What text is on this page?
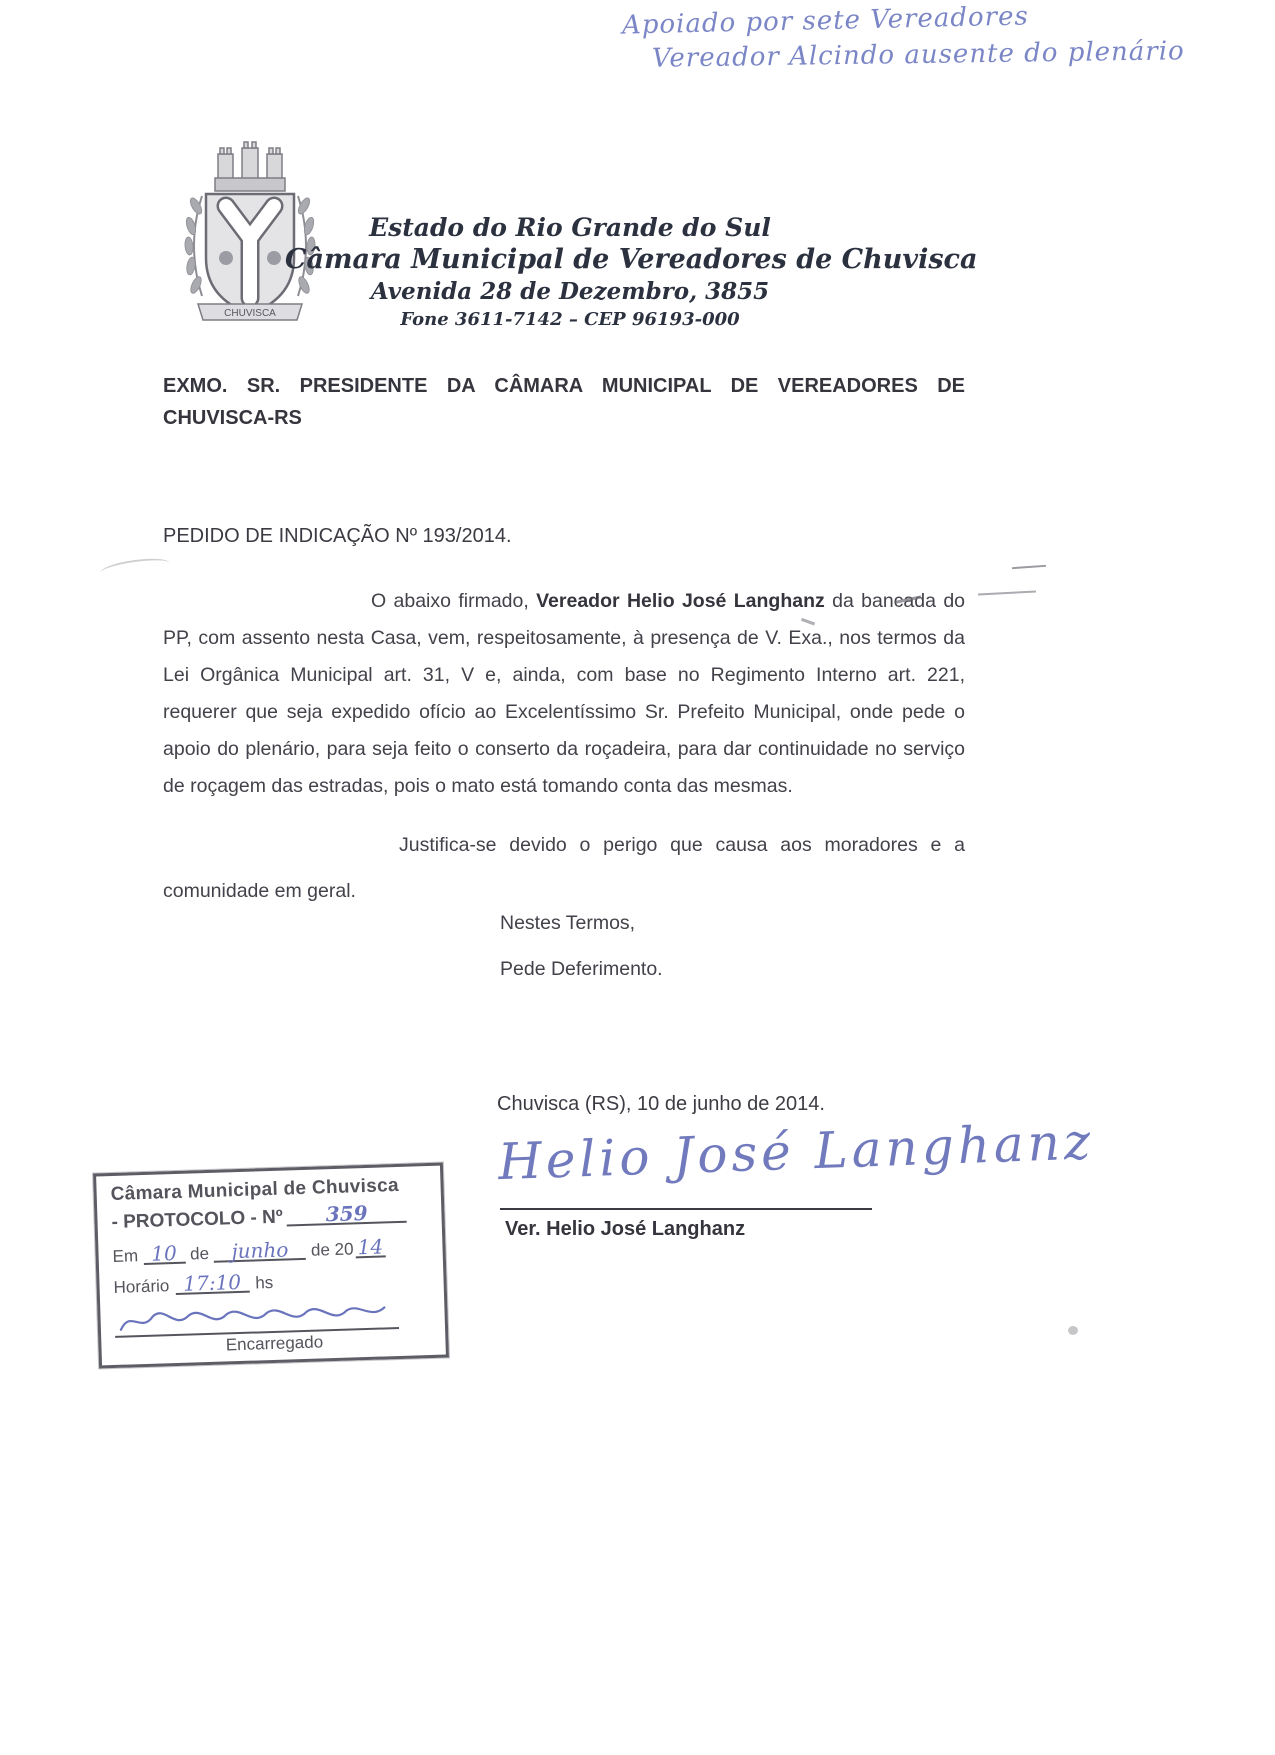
Apoiado por sete Vereadores
Vereador Alcindo ausente do plenário
CHUVISCA
Estado do Rio Grande do Sul
Câmara Municipal de Vereadores de Chuvisca
Avenida 28 de Dezembro, 3855
Fone 3611-7142 – CEP 96193-000
EXMO. SR. PRESIDENTE DA CÂMARA MUNICIPAL DE VEREADORES DE CHUVISCA-RS
PEDIDO DE INDICAÇÃO Nº 193/2014.
O abaixo firmado, Vereador Helio José Langhanz da bancada do PP, com assento nesta Casa, vem, respeitosamente, à presença de V. Exa., nos termos da Lei Orgânica Municipal art. 31, V e, ainda, com base no Regimento Interno art. 221, requerer que seja expedido ofício ao Excelentíssimo Sr. Prefeito Municipal, onde pede o apoio do plenário, para seja feito o conserto da roçadeira, para dar continuidade no serviço de roçagem das estradas, pois o mato está tomando conta das mesmas.
Justifica-se devido o perigo que causa aos moradores e a comunidade em geral.
Nestes Termos,
Pede Deferimento.
Chuvisca (RS), 10 de junho de 2014.
Helio José Langhanz
Ver. Helio José Langhanz
Câmara Municipal de Chuvisca
- PROTOCOLO - Nº	359
Em 10 de	junho	de 20 14
Horário 17:10 hs
Encarregado
